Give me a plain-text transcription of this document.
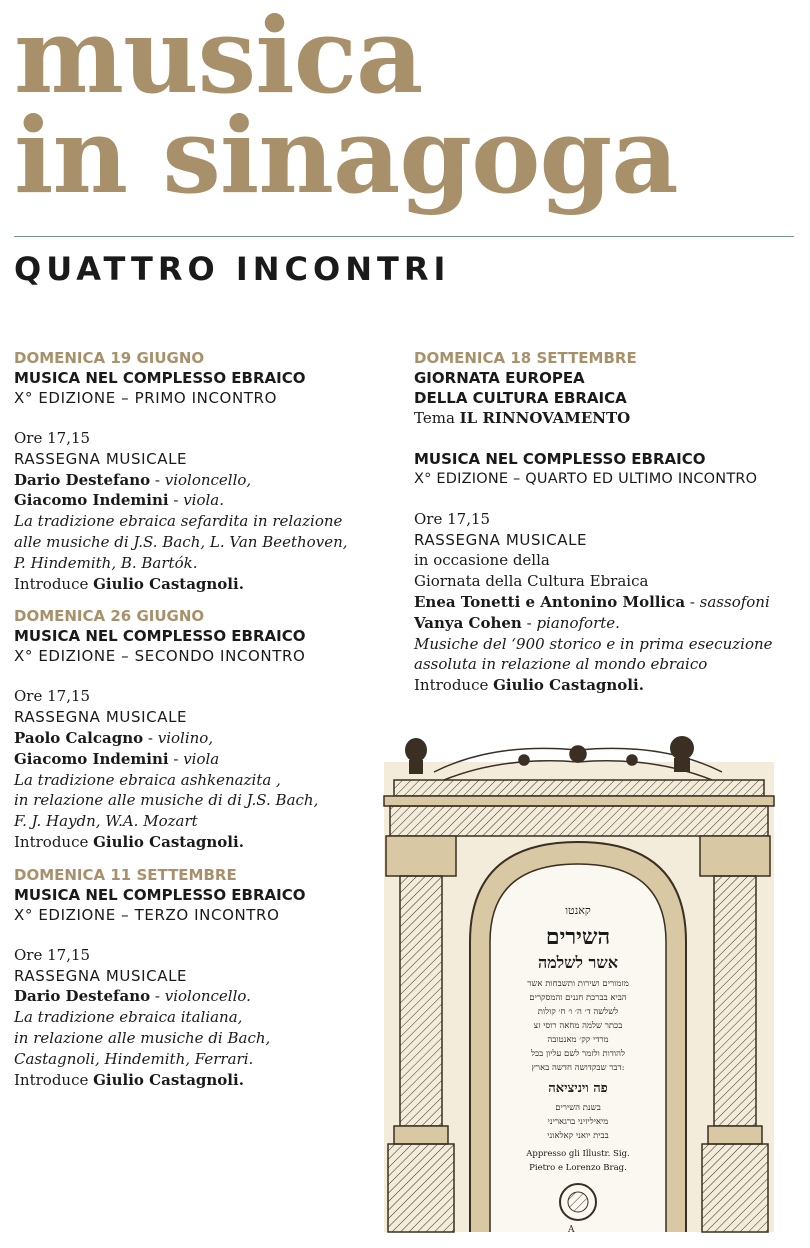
musica
in sinagoga
QUATTRO INCONTRI
DOMENICA 19 GIUGNO
MUSICA NEL COMPLESSO EBRAICO
X° EDIZIONE – PRIMO INCONTRO
Ore 17,15
RASSEGNA MUSICALE
Dario Destefano - violoncello,
Giacomo Indemini - viola.
La tradizione ebraica sefardita in relazione
alle musiche di J.S. Bach, L. Van Beethoven,
P. Hindemith, B. Bartók.
Introduce Giulio Castagnoli.
DOMENICA 26 GIUGNO
MUSICA NEL COMPLESSO EBRAICO
X° EDIZIONE – SECONDO INCONTRO
Ore 17,15
RASSEGNA MUSICALE
Paolo Calcagno - violino,
Giacomo Indemini - viola
La tradizione ebraica ashkenazita ,
in relazione alle musiche di di J.S. Bach,
F. J. Haydn, W.A. Mozart
Introduce Giulio Castagnoli.
DOMENICA 11 SETTEMBRE
MUSICA NEL COMPLESSO EBRAICO
X° EDIZIONE – TERZO INCONTRO
Ore 17,15
RASSEGNA MUSICALE
Dario Destefano - violoncello.
La tradizione ebraica italiana,
in relazione alle musiche di Bach,
Castagnoli, Hindemith, Ferrari.
Introduce Giulio Castagnoli.
DOMENICA 18 SETTEMBRE
GIORNATA EUROPEA
DELLA CULTURA EBRAICA
Tema IL RINNOVAMENTO
MUSICA NEL COMPLESSO EBRAICO
X° EDIZIONE – QUARTO ED ULTIMO INCONTRO
Ore 17,15
RASSEGNA MUSICALE
in occasione della
Giornata della Cultura Ebraica
Enea Tonetti e Antonino Mollica - sassofoni
Vanya Cohen - pianoforte.
Musiche del ‘900 storico e in prima esecuzione
assoluta in relazione al mondo ebraico
Introduce Giulio Castagnoli.
קאנטו
השירים
אשר לשלמה
מזמורים ושירות ותשבחות אשר
הביא בברכת חננים והמסקרים
לשלשה ד׳ ה׳ ו׳ ח׳ קולות
בכתר שלמה מחאה רוסי זצ
מרדי קק׳ מאנטובה
להודות ולזמר לשם עליון בכל
דבר שבקדושה חדשה בארץ:
פה ויניציאה
בשנת השירים
מיאיליזיני ברגאריני
בבית יואני קאלאוני
Appresso gli Illustr. Sig.
Pietro e Lorenzo Brag.
A
